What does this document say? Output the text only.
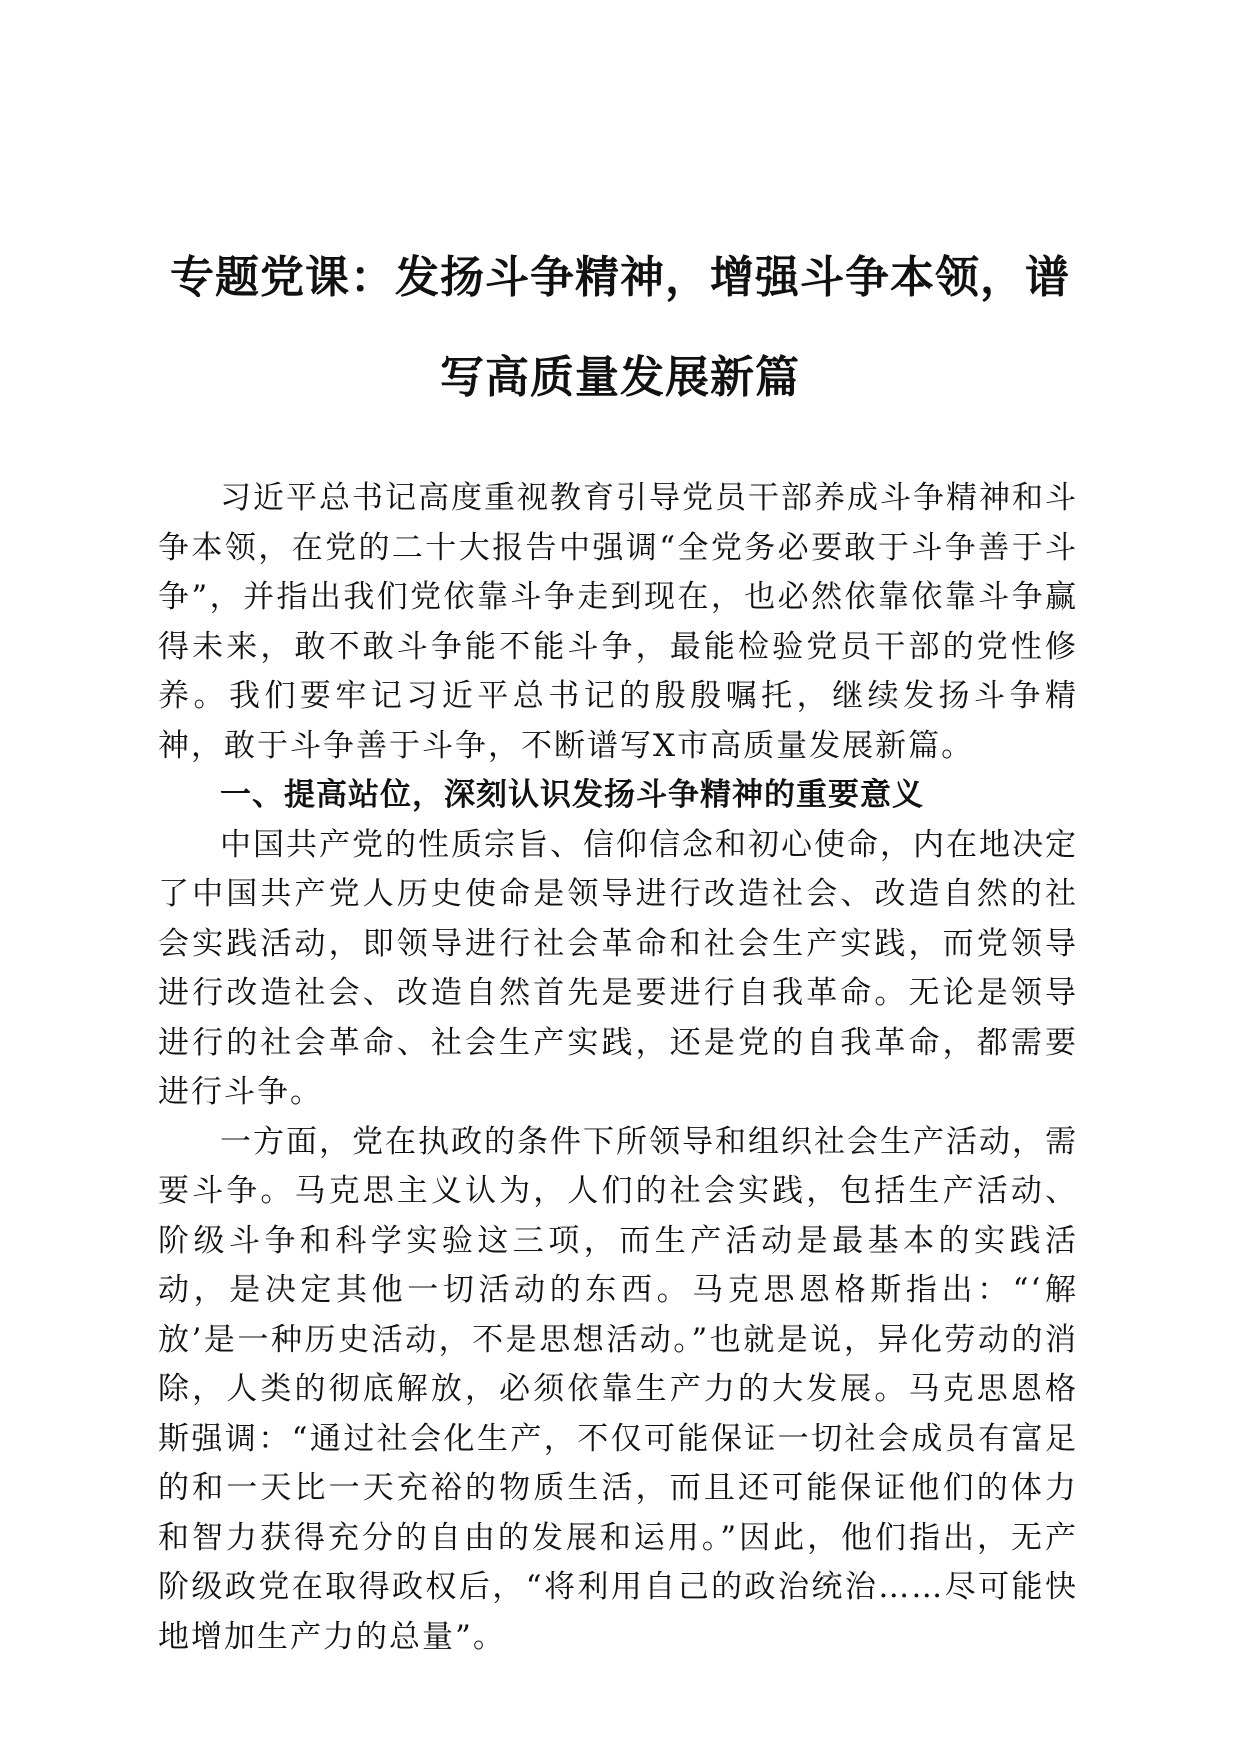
专题党课：发扬斗争精神，增强斗争本领，谱
写高质量发展新篇

习近平总书记高度重视教育引导党员干部养成斗争精神和斗争本领，在党的二十大报告中强调“全党务必要敢于斗争善于斗争”，并指出我们党依靠斗争走到现在，也必然依靠依靠斗争赢得未来，敢不敢斗争能不能斗争，最能检验党员干部的党性修养。我们要牢记习近平总书记的殷殷嘱托，继续发扬斗争精神，敢于斗争善于斗争，不断谱写X市高质量发展新篇。

一、提高站位，深刻认识发扬斗争精神的重要意义

中国共产党的性质宗旨、信仰信念和初心使命，内在地决定了中国共产党人历史使命是领导进行改造社会、改造自然的社会实践活动，即领导进行社会革命和社会生产实践，而党领导进行改造社会、改造自然首先是要进行自我革命。无论是领导进行的社会革命、社会生产实践，还是党的自我革命，都需要进行斗争。

一方面，党在执政的条件下所领导和组织社会生产活动，需要斗争。马克思主义认为，人们的社会实践，包括生产活动、阶级斗争和科学实验这三项，而生产活动是最基本的实践活动，是决定其他一切活动的东西。马克思恩格斯指出：“‘解放’是一种历史活动，不是思想活动。”也就是说，异化劳动的消除，人类的彻底解放，必须依靠生产力的大发展。马克思恩格斯强调：“通过社会化生产，不仅可能保证一切社会成员有富足的和一天比一天充裕的物质生活，而且还可能保证他们的体力和智力获得充分的自由的发展和运用。”因此，他们指出，无产阶级政党在取得政权后，“将利用自己的政治统治……尽可能快地增加生产力的总量”。
